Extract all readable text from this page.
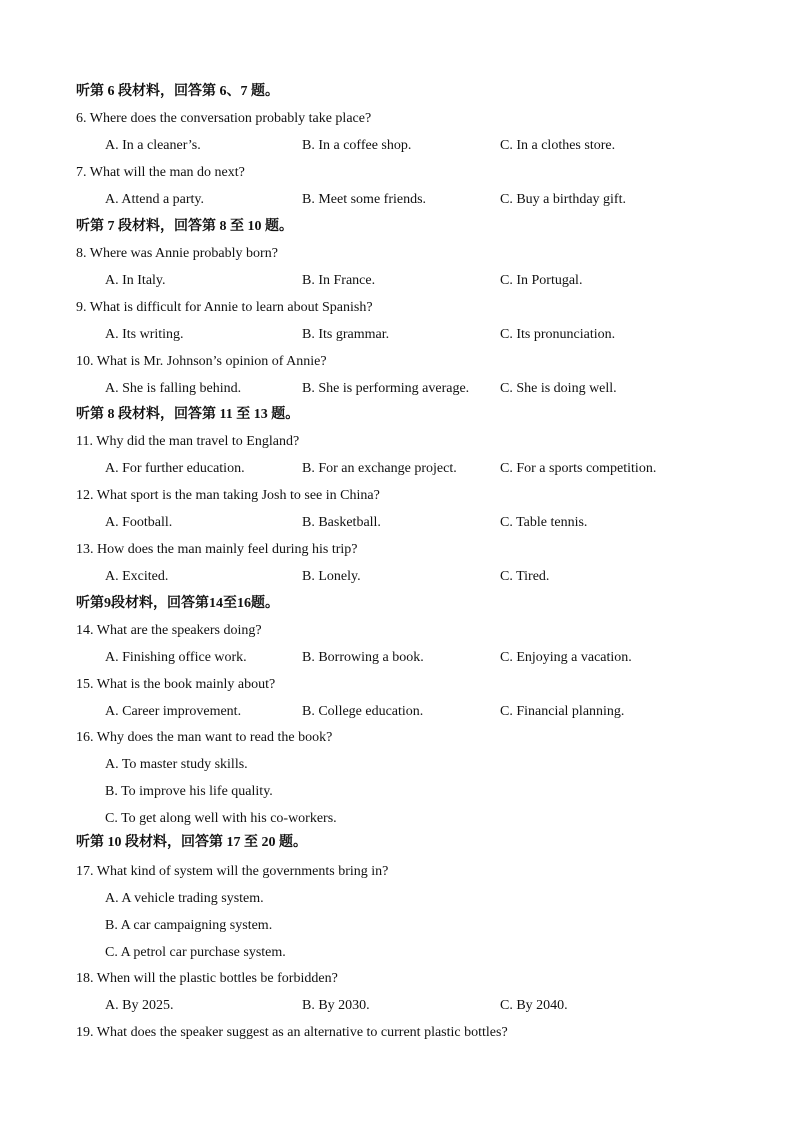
听第 6 段材料，回答第 6、7 题。
6. Where does the conversation probably take place?
A. In a cleaner’s.	B. In a coffee shop.	C. In a clothes store.
7. What will the man do next?
A. Attend a party.	B. Meet some friends.	C. Buy a birthday gift.
听第 7 段材料，回答第 8 至 10 题。
8. Where was Annie probably born?
A. In Italy.	B. In France.	C. In Portugal.
9. What is difficult for Annie to learn about Spanish?
A. Its writing.	B. Its grammar.	C. Its pronunciation.
10. What is Mr. Johnson’s opinion of Annie?
A. She is falling behind.	B. She is performing average. C. She is doing well.
听第 8 段材料，回答第 11 至 13 题。
11. Why did the man travel to England?
A. For further education.	B. For an exchange project.	C. For a sports competition.
12. What sport is the man taking Josh to see in China?
A. Football.	B. Basketball.	C. Table tennis.
13. How does the man mainly feel during his trip?
A. Excited.	B. Lonely.	C. Tired.
听第9段材料，回答第14至16题。
14. What are the speakers doing?
A. Finishing office work.	B. Borrowing a book.	C. Enjoying a vacation.
15. What is the book mainly about?
A. Career improvement.	B. College education.	C. Financial planning.
16. Why does the man want to read the book?
A. To master study skills.
B. To improve his life quality.
C. To get along well with his co-workers.
听第 10 段材料，回答第 17 至 20 题。
17. What kind of system will the governments bring in?
A. A vehicle trading system.
B. A car campaigning system.
C. A petrol car purchase system.
18. When will the plastic bottles be forbidden?
A. By 2025.	B. By 2030.	C. By 2040.
19. What does the speaker suggest as an alternative to current plastic bottles?
